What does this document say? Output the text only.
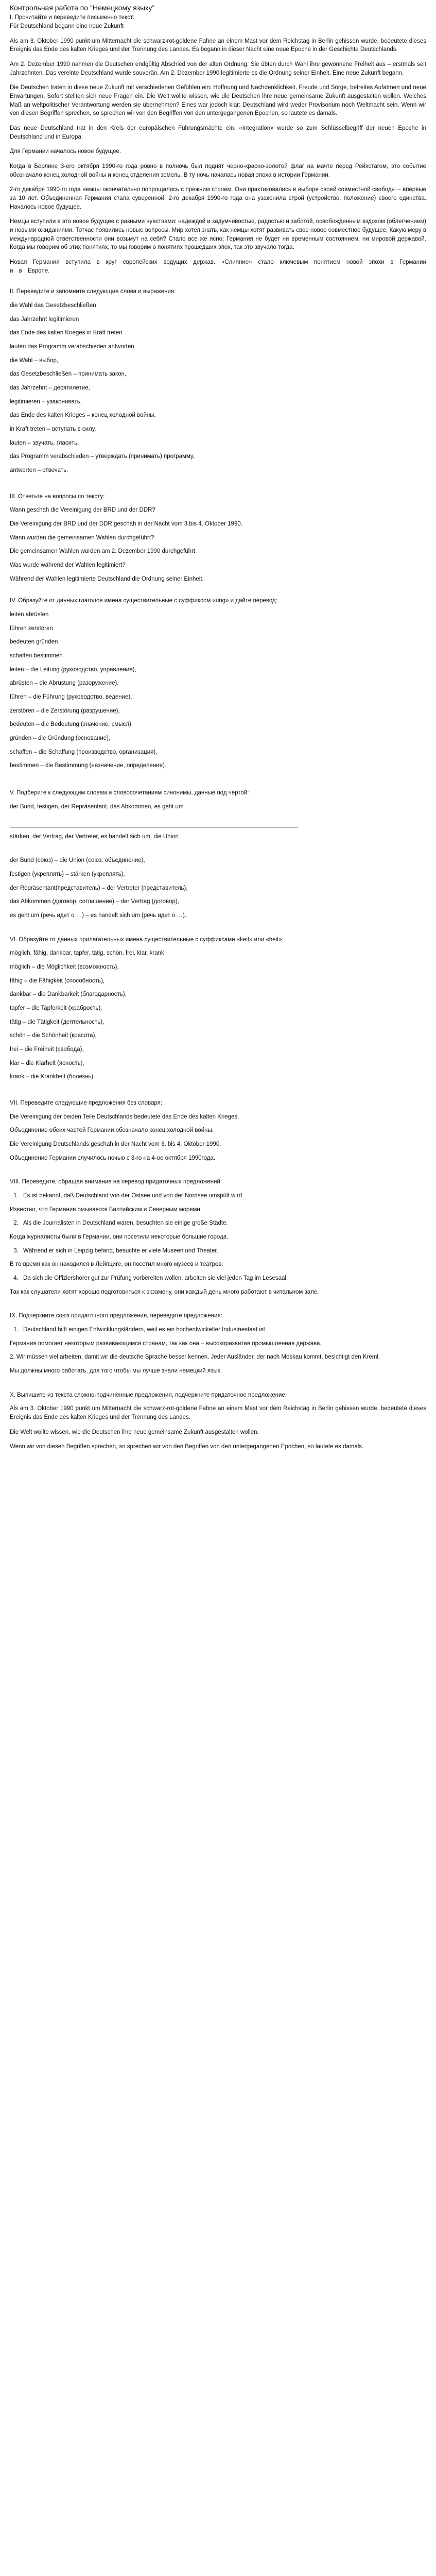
Контрольная работа по "Немецкому языку"

I. Прочитайте и переведите письменно текст:

Für Deutschland begann eine neue Zukunft

Als am 3. Oktober 1990 punkt um Mitternacht die schwarz-rot-goldene Fahne an einem Mast vor dem Reichstag in Berlin gehissen wurde, bedeutete dieses Ereignis das Ende des kalten Krieges und der Trennung des Landes. Es begann in dieser Nacht eine neue Epoche in der Geschichte Deutschlands.

Am 2. Dezember 1990 nahmen die Deutschen endgültig Abschied von der alten Ordnung. Sie übten durch Wahl ihre gewonnene Freiheit aus – erstmals seit Jahrzehnten. Das vereinte Deutschland wurde souverän. Am 2. Dezember 1990 legitimierte es die Ordnung seiner Einheit. Eine neue Zukunft begann.

Die Deutschen traten in diese neue Zukunft mit verschiedenen Gefühlen ein: Hoffnung und Nachdenklichkeit, Freude und Sorge, befreites Aufatmen und neue Erwartungen. Sofort stellten sich neue Fragen ein. Die Welt wollte wissen, wie die Deutschen ihre neue gemeinsame Zukunft ausgestalten wollen. Welches Maß an weltpolitischer Verantwortung werden sie übernehmen? Eines war jedoch klar: Deutschland wird weder Provisorium noch Weltmacht sein. Wenn wir von diesen Begriffen sprechen, so sprechen wir von den Begriffen von den untergegangenen Epochen, so lautete es damals.

Das neue Deutschland trat in den Kreis der europäischen Führungsmächte ein. «Integration» wurde so zum Schlüsselbegriff der neuen Epoche in Deutschland und in Europa.

Для Германии началось новое будущее.

Когда в Берлине 3-его октября 1990-го года ровно в полночь был поднят черно-красно-золотой флаг на мачте перед Рейхстагом, это событие обозначало конец холодной войны и конец отделения земель. В ту ночь началась новая эпоха в истории Германии.

2-го декабря 1990-го года немцы окончательно попрощались с прежним строем. Они практиковались в выборе своей совместной свободы – впервые за 10 лет. Объединенная Германия стала суверенной. 2-го декабря 1990-го года она узаконила строй (устройство, положение) своего единства. Началось новое будущее.

Немцы вступили в это новое будущее с разными чувствами: надеждой и задумчивостью, радостью и заботой, освобожденным вздохом (облегчением) и новыми ожиданиями. Тотчас появились новые вопросы. Мир хотел знать, как немцы хотят развивать свое новое совместное будущее. Какую меру в международной ответственности они возьмут на себя? Стало все же ясно; Германия не будет ни временным состоянием, ни мировой державой. Когда мы говорим об этих понятиях, то мы говорим о понятиях прошедших эпох, так это звучало тогда.

Новая Германия вступила в круг европейских ведущих держав. «Слияние» стало ключевым понятием новой эпохи в Германии и в Европе.

II. Переведите и запомните следующие слова и выражения:

die Wahl das Gesetzbeschließen

das Jahrzehnt legitimieren

das Ende des kalten Krieges in Kraft treten

lauten das Programm verabschieden antworten

die Wahl – выбор,

das Gesetzbeschließen – принимать закон,

das Jahrzehnt – десятилетие,

legitimieren – узаконивать,

das Ende des kalten Krieges – конец холодной войны,

in Kraft treten – вступать в силу,

lauten – звучать, гласить,

das Programm verabschieden – утверждать (принимать) программу,

antworten – отвечать.

III. Ответьте на вопросы по тексту:

Wann geschah die Vereinigung der BRD und der DDR?

Die Vereinigung der BRD und der DDR geschah in der Nacht vom 3.bis 4. Oktober 1990.

Wann wurden die gemeinsamen Wahlen durchgeführt?

Die gemeinsamen Wahlen wurden am 2. Dezember 1990 durchgeführt.

Was wurde während der Wahlen legitimiert?

Während der Wahlen legitimierte Deutschland die Ordnung seiner Einheit.

IV. Образуйте от данных глаголов имена существительные с суффиксом «ung» и дайте перевод:

leiten abrüsten

führen zerstören

bedeuten gründen

schaffen bestimmen

leiten – die Leitung (руководство, управление),

abrüsten – die Abrüstung (разоружение),

führen – die Führung (руководство, ведение),

zerstören – die Zerstörung (разрушение),

bedeuten – die Bedeutung (значение, смысл),

gründen – die Gründung (основание),

schaffen – die Schaffung (производство, организация),

bestimmen – die Bestimmung (назначение, определение).

V. Подберите к следующим словам и словосочетаниям синонимы, данные под чертой:

der Bund, festigen, der Repräsentant, das Abkommen, es geht um

stärken, der Vertrag, der Vertreter, es handelt sich um, die Union

der Bund (союз) – die Union (союз, объединение),

festigen (укреплять) – stärken (укреплять),

der Repräsentant(представитель) – der Vertreter (представитель),

das Abkommen (договор, соглашение) – der Vertrag (договор),

es geht um (речь идет о …) – es handelt sich um (речь идет о …).

VI. Образуйте от данных прилагательных имена существительные с суффиксами «keit» или «heit»:

möglich, fähig, dankbar, tapfer, tätig, schön, frei, klar, krank

möglich – die Möglichkeit (возможность),

fähig – die Fähigkeit (способность),

dankbar – die Dankbarkeit (благодарность),

tapfer – die Tapferkeit (храбрость),

tätig – die Tätigkeit (деятельность),

schön – die Schönheit (красота),

frei – die Freiheit (свобода),

klar – die Klarheit (ясность),

krank – die Krankheit (болезнь).

VII. Переведите следующие предложения без словаря:

Die Vereinigung der beiden Teile Deutschlands bedeutete das Ende des kalten Krieges.

Объединение обеих частей Германии обозначало конец холодной войны.

Die Vereinigung Deutschlands geschah in der Nacht vom 3. bis 4. Oktober 1990.

Объединение Германии случилось ночью с 3-го на 4-ое октября 1990года.

VIII. Переведите, обращая внимание на перевод придаточных предложений:

1. Es ist bekannt, daß Deutschland von der Ostsee und von der Nordsee umspült wird.

Известно, что Германия омывается Балтийским и Северным морями.

2. Als die Journalisten in Deutschland waren, besuchten sie einige große Städte.

Когда журналисты были в Германии, они посетили некоторые большие города.

3. Während er sich in Leipzig befand, besuchte er viele Museen und Theater.

В то время как он находился в Лейпциге, он посетил много музеев и театров.

4. Da sich die Offiziershörer gut zur Prüfung vorbereiten wollen, arbeiten sie viel jeden Tag im Lesesaal.

Так как слушатели хотят хорошо подготовиться к экзамену, они каждый день много работают в читальном зале.

IX. Подчеркните союз придаточного предложения, переведите предложения:

1. Deutschland hilft einigen Entwicklungsländern, weil es ein hochentwickelter Industriestaat ist.

Германия помогает некоторым развивающимся странам, так как она – высокоразвитая промышленная держава.

2. Wir müssen viel arbeiten, damit wir die deutsche Sprache besser kennen. Jeder Ausländer, der nach Moskau kommt, besichtigt den Kreml.

Мы должны много работать, для того чтобы мы лучше знали немецкий язык.

X. Выпишите из текста сложно-подчинённые предложения, подчеркните придаточное предложение:

Als am 3. Oktober 1990 punkt um Mitternacht die schwarz-rot-goldene Fahne an einem Mast vor dem Reichstag in Berlin gehissen wurde, bedeutete dieses Ereignis das Ende des kalten Krieges und der Trennung des Landes.

Die Welt wollte wissen, wie die Deutschen ihre neue gemeinsame Zukunft ausgestalten wollen.

Wenn wir von diesen Begriffen sprechen, so sprechen wir von den Begriffen von den untergegangenen Epochen, so lautete es damals.
